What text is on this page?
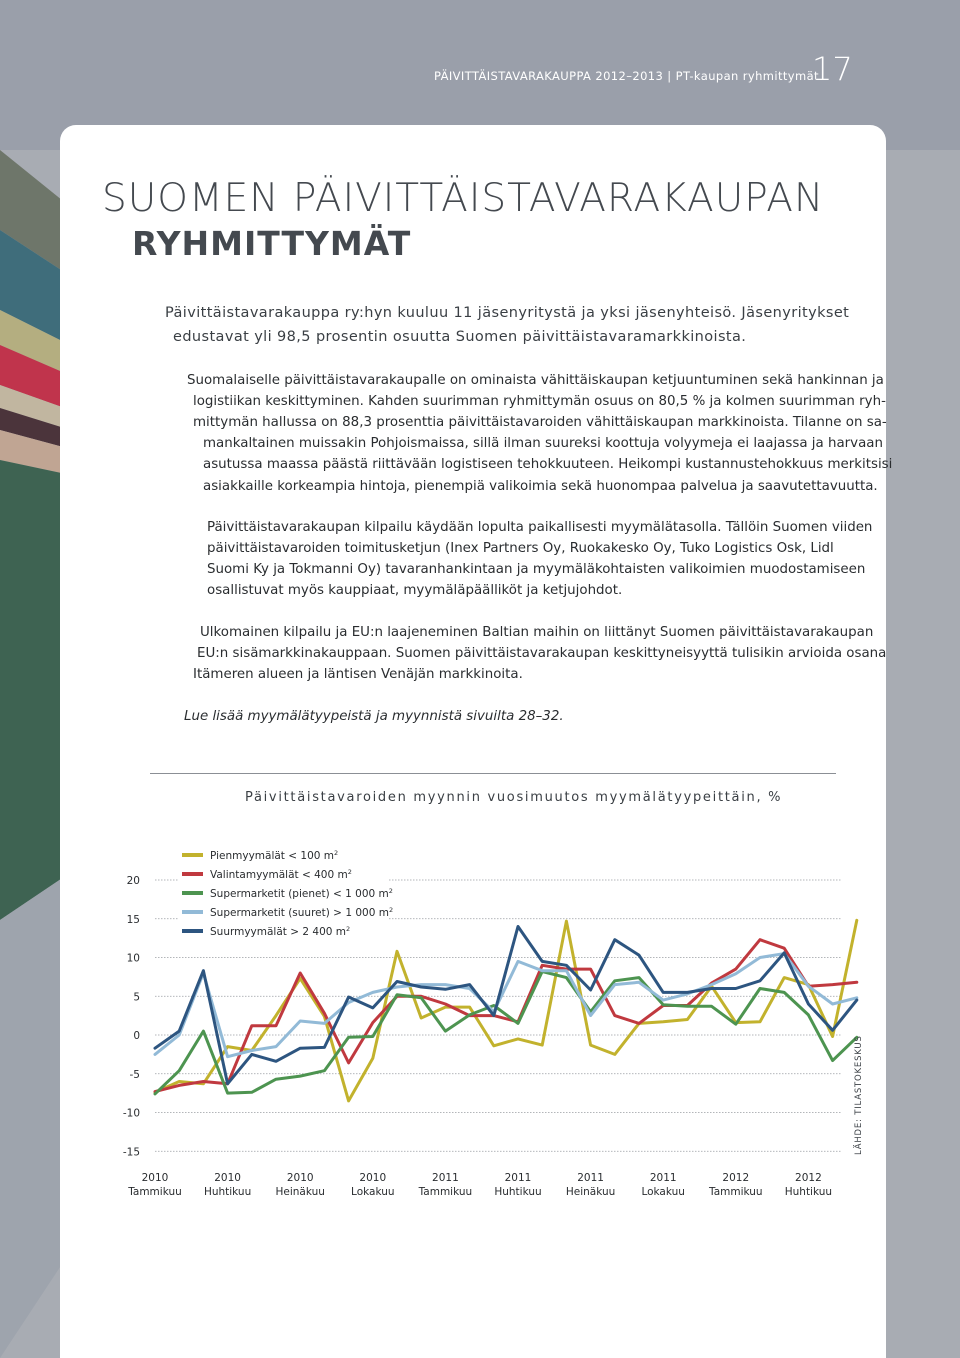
PÄIVITTÄISTAVARAKAUPPA 2012–2013 | PT-kaupan ryhmittymät
17
SUOMEN PÄIVITTÄISTAVARAKAUPAN
RYHMITTYMÄT
Päivittäistavarakauppa ry:hyn kuuluu 11 jäsenyritystä ja yksi jäsenyhteisö. Jäsenyritykset
edustavat yli 98,5 prosentin osuutta Suomen päivittäistavaramarkkinoista.
Suomalaiselle päivittäistavarakaupalle on ominaista vähittäiskaupan ketjuuntuminen sekä hankinnan ja
logistiikan keskittyminen. Kahden suurimman ryhmittymän osuus on 80,5 % ja kolmen suurimman ryh-
mittymän hallussa on 88,3 prosenttia päivittäistavaroiden vähittäiskaupan markkinoista. Tilanne on sa-
mankaltainen muissakin Pohjoismaissa, sillä ilman suureksi koottuja volyymeja ei laajassa ja harvaan
asutussa maassa päästä riittävään logistiseen tehokkuuteen. Heikompi kustannustehokkuus merkitsisi
asiakkaille korkeampia hintoja, pienempiä valikoimia sekä huonompaa palvelua ja saavutettavuutta.
Päivittäistavarakaupan kilpailu käydään lopulta paikallisesti myymälätasolla. Tällöin Suomen viiden
päivittäistavaroiden toimitusketjun (Inex Partners Oy, Ruokakesko Oy, Tuko Logistics Osk, Lidl
Suomi Ky ja Tokmanni Oy) tavaranhankintaan ja myymäläkohtaisten valikoimien muodostamiseen
osallistuvat myös kauppiaat, myymäläpäälliköt ja ketjujohdot.
Ulkomainen kilpailu ja EU:n laajeneminen Baltian maihin on liittänyt Suomen päivittäistavarakaupan
EU:n sisämarkkinakauppaan. Suomen päivittäistavarakaupan keskittyneisyyttä tulisikin arvioida osana
Itämeren alueen ja läntisen Venäjän markkinoita.
Lue lisää myymälätyypeistä ja myynnistä sivuilta 28–32.
Päivittäistavaroiden myynnin vuosimuutos myymälätyypeittäin, %
20
15
10
5
0
-5
-10
-15
2010
Tammikuu
2010
Huhtikuu
2010
Heinäkuu
2010
Lokakuu
2011
Tammikuu
2011
Huhtikuu
2011
Heinäkuu
2011
Lokakuu
2012
Tammikuu
2012
Huhtikuu
Pienmyymälät < 100 $m^2$
Valintamyymälät < 400 $m^2$
Supermarketit (pienet) < 1 000 $m^2$
Supermarketit (suuret) > 1 000 $m^2$
Suurmyymälät > 2 400 $m^2$
LÄHDE: TILASTOKESKUS
